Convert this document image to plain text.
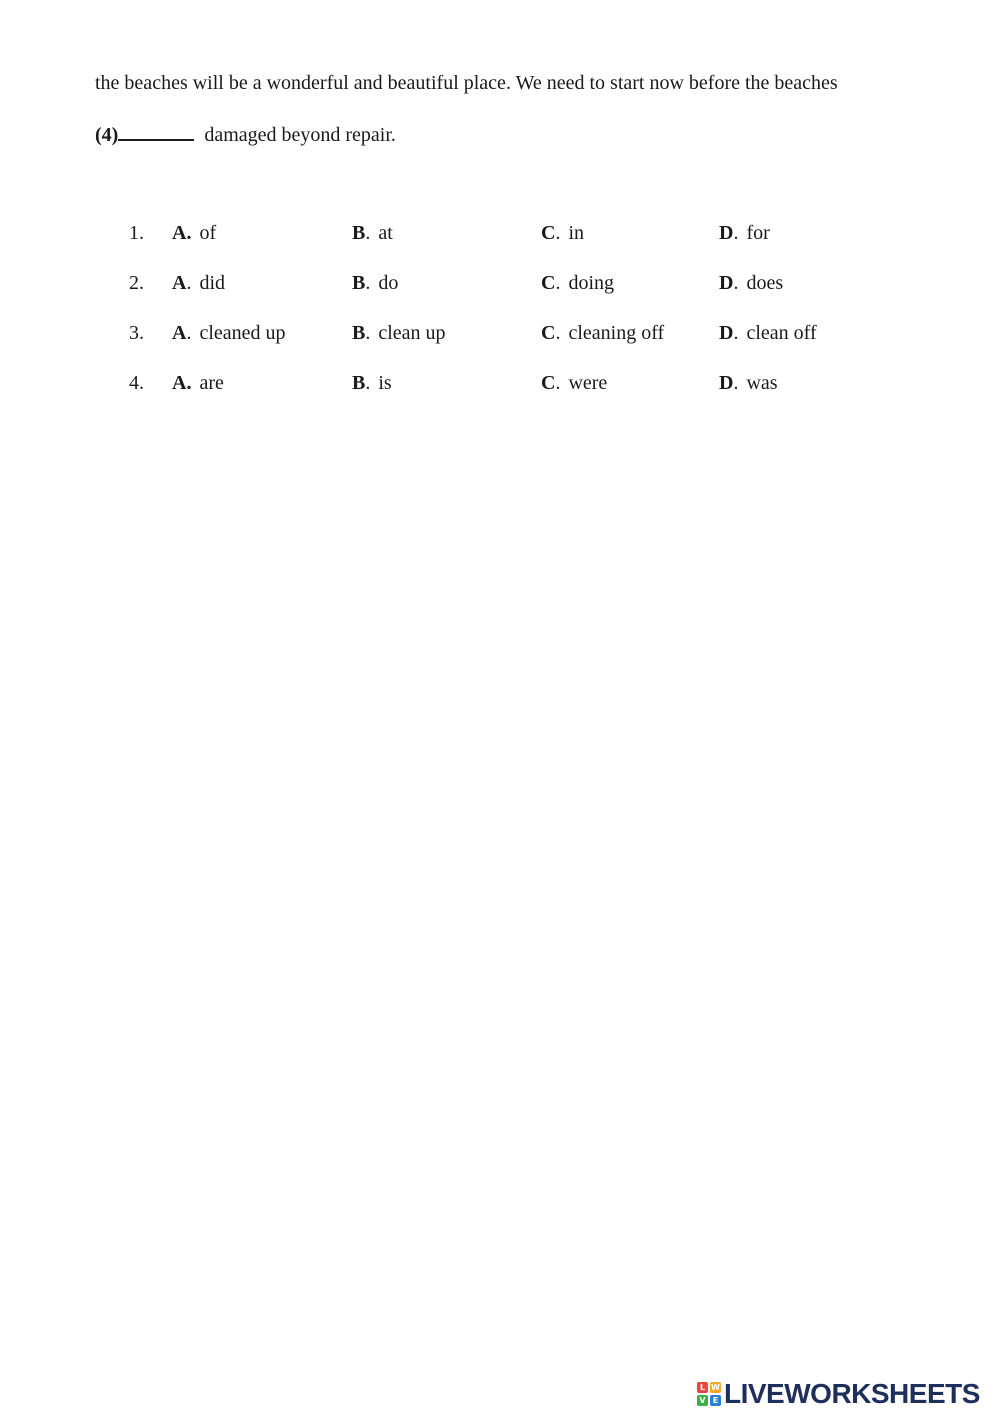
the beaches will be a wonderful and beautiful place. We need to start now before the beaches
(4)	damaged beyond repair.
1. A. of	B. at	C. in	D. for
2. A. did	B. do	C. doing	D. does
3. A. cleaned up	B. clean up	C. cleaning off	D. clean off
4. A. are	B. is	C. were	D. was
L W
V E LIVEWORKSHEETS
